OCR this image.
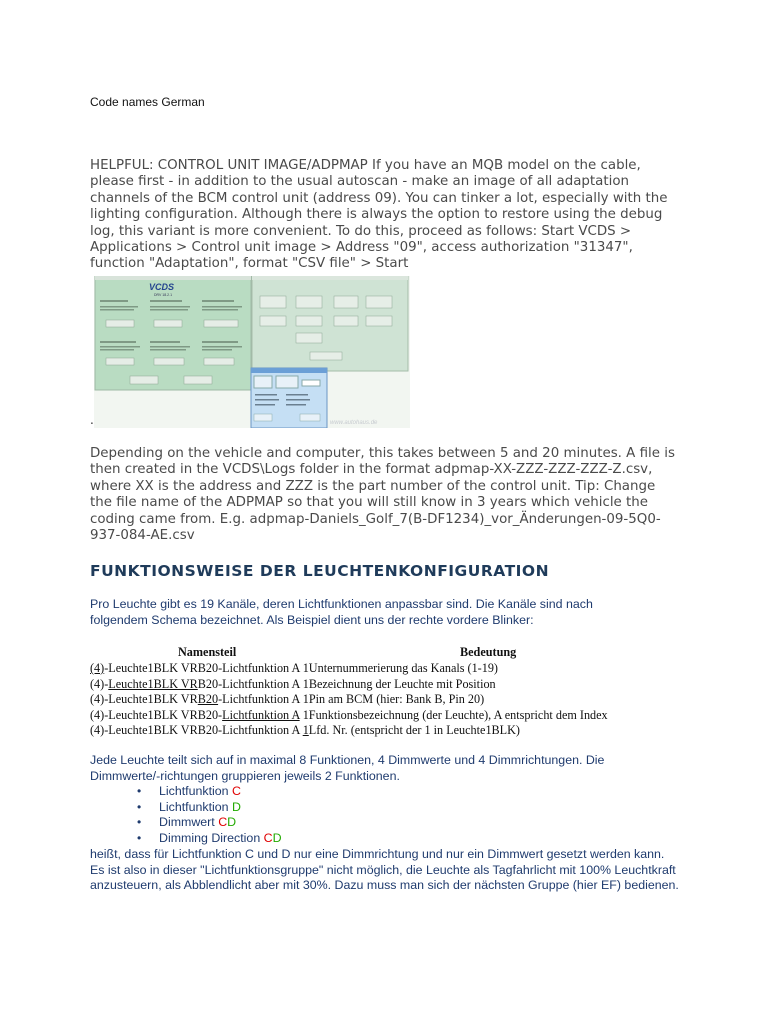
Code names German

HELPFUL: CONTROL UNIT IMAGE/ADPMAP If you have an MQB model on the cable, please first - in addition to the usual autoscan - make an image of all adaptation channels of the BCM control unit (address 09). You can tinker a lot, especially with the lighting configuration. Although there is always the option to restore using the debug log, this variant is more convenient. To do this, proceed as follows: Start VCDS > Applications > Control unit image > Address "09", access authorization "31347", function "Adaptation", format "CSV file" > Start

VCDS
DRV 18.2.1
www.autohaus.de
.

Depending on the vehicle and computer, this takes between 5 and 20 minutes. A file is then created in the VCDS\Logs folder in the format adpmap-XX-ZZZ-ZZZ-ZZZ-Z.csv, where XX is the address and ZZZ is the part number of the control unit. Tip: Change the file name of the ADPMAP so that you will still know in 3 years which vehicle the coding came from. E.g. adpmap-Daniels_Golf_7(B-DF1234)_vor_Änderungen-09-5Q0-937-084-AE.csv

FUNKTIONSWEISE DER LEUCHTENKONFIGURATION

Pro Leuchte gibt es 19 Kanäle, deren Lichtfunktionen anpassbar sind. Die Kanäle sind nach folgendem Schema bezeichnet. Als Beispiel dient uns der rechte vordere Blinker:

Namensteil	Bedeutung
(4)-Leuchte1BLK VRB20-Lichtfunktion A 1Unternummerierung das Kanals (1-19)
(4)-Leuchte1BLK VRB20-Lichtfunktion A 1Bezeichnung der Leuchte mit Position
(4)-Leuchte1BLK VRB20-Lichtfunktion A 1Pin am BCM (hier: Bank B, Pin 20)
(4)-Leuchte1BLK VRB20-Lichtfunktion A 1Funktionsbezeichnung (der Leuchte), A entspricht dem Index
(4)-Leuchte1BLK VRB20-Lichtfunktion A 1Lfd. Nr. (entspricht der 1 in Leuchte1BLK)

Jede Leuchte teilt sich auf in maximal 8 Funktionen, 4 Dimmwerte und 4 Dimmrichtungen. Die Dimmwerte/-richtungen gruppieren jeweils 2 Funktionen.

• Lichtfunktion C
• Lichtfunktion D
• Dimmwert CD
• Dimming Direction CD

heißt, dass für Lichtfunktion C und D nur eine Dimmrichtung und nur ein Dimmwert gesetzt werden kann. Es ist also in dieser "Lichtfunktionsgruppe" nicht möglich, die Leuchte als Tagfahrlicht mit 100% Leuchtkraft anzusteuern, als Abblendlicht aber mit 30%. Dazu muss man sich der nächsten Gruppe (hier EF) bedienen.
